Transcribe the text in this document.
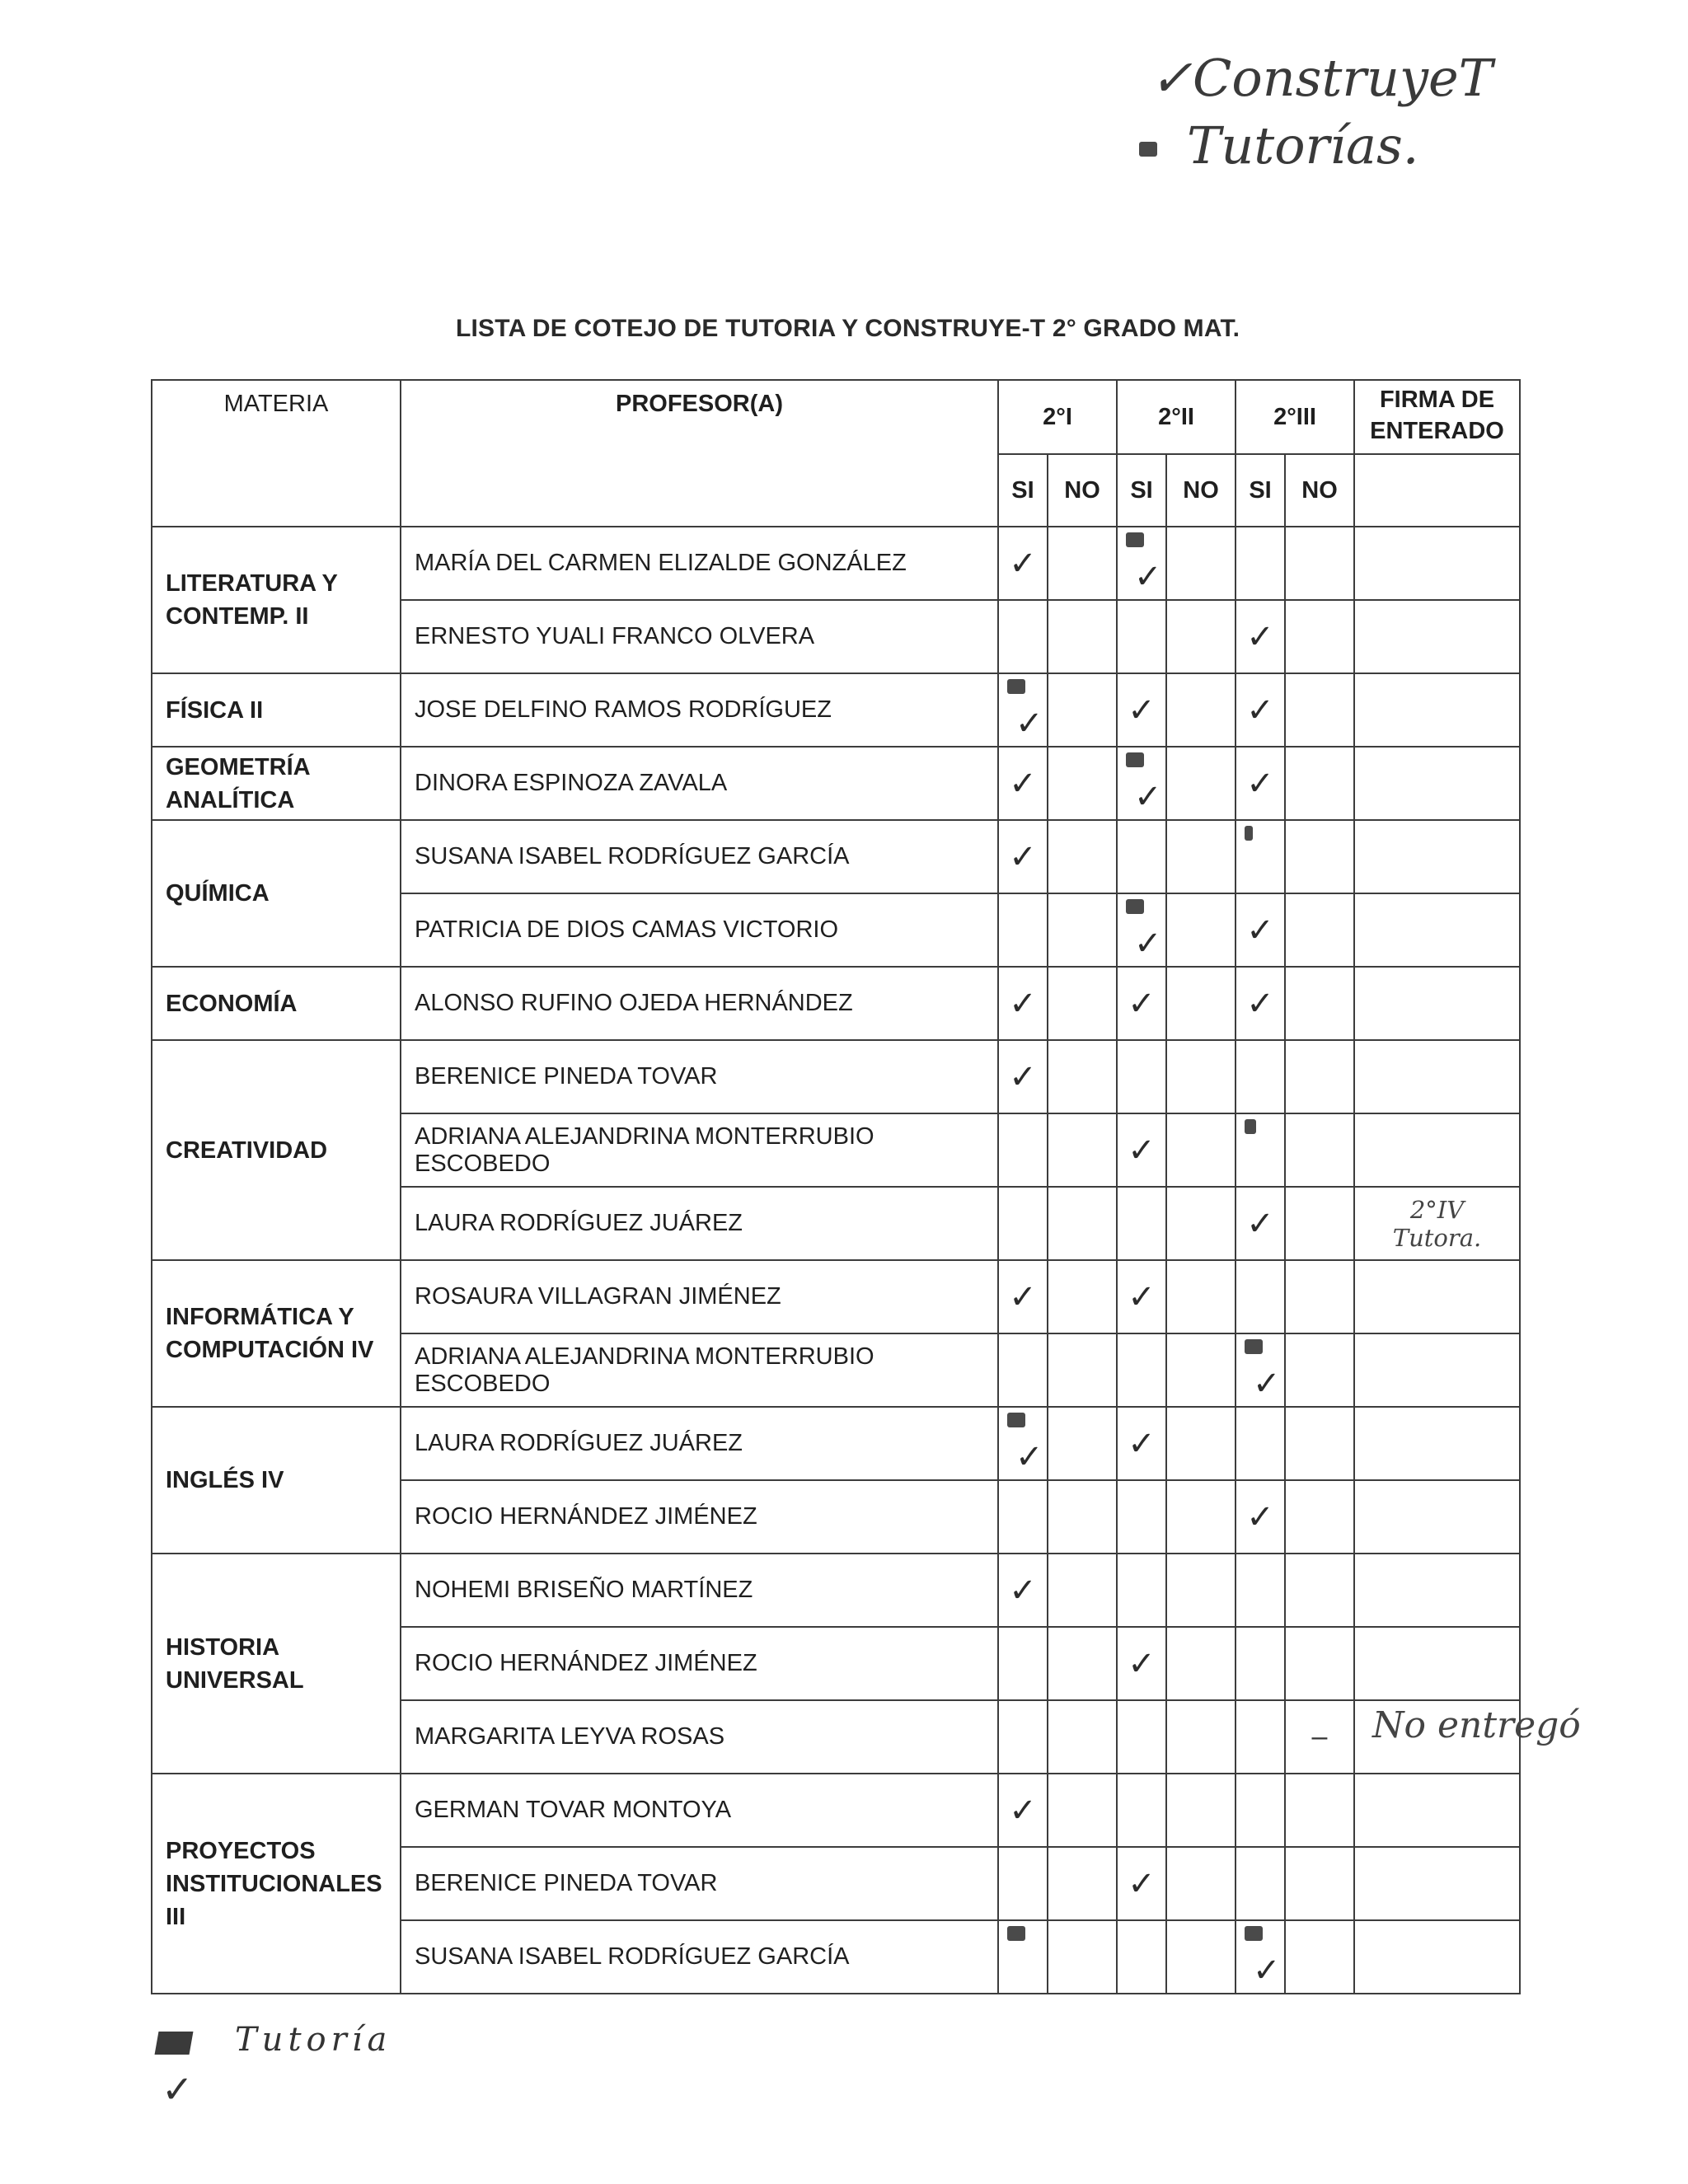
✓ConstruyeT
Tutorías.
LISTA DE COTEJO DE TUTORIA Y CONSTRUYE-T 2° GRADO MAT.
MATERIA	PROFESOR(A)	2°I		2°II		2°III		FIRMA DE ENTERADO
		SI	NO	SI	NO	SI	NO	
LITERATURA Y CONTEMP. II	MARÍA DEL CARMEN ELIZALDE GONZÁLEZ	✓		✓				

	ERNESTO YUALI FRANCO OLVERA					✓		
FÍSICA II	JOSE DELFINO RAMOS RODRÍGUEZ	✓		✓		✓		
GEOMETRÍA ANALÍTICA	DINORA ESPINOZA ZAVALA	✓		✓		✓		
QUÍMICA	SUSANA ISABEL RODRÍGUEZ GARCÍA	✓				

	PATRICIA DE DIOS CAMAS VICTORIO			✓		✓		
ECONOMÍA	ALONSO RUFINO OJEDA HERNÁNDEZ	✓		✓		✓		
CREATIVIDAD	BERENICE PINEDA TOVAR	✓						
	ADRIANA ALEJANDRINA MONTERRUBIO ESCOBEDO			✓		

	LAURA RODRÍGUEZ JUÁREZ					✓		2°IV
Tutora.

INFORMÁTICA Y COMPUTACIÓN IV	ROSAURA VILLAGRAN JIMÉNEZ	✓		✓				
	ADRIANA ALEJANDRINA MONTERRUBIO ESCOBEDO					✓		

INGLÉS IV	LAURA RODRÍGUEZ JUÁREZ	✓		✓				
	ROCIO HERNÁNDEZ JIMÉNEZ					✓		
HISTORIA UNIVERSAL	NOHEMI BRISEÑO MARTÍNEZ	✓						
	ROCIO HERNÁNDEZ JIMÉNEZ			✓				
	MARGARITA LEYVA ROSAS						–	
PROYECTOS INSTITUCIONALES III	GERMAN TOVAR MONTOYA	✓						
	BERENICE PINEDA TOVAR			✓				
	SUSANA ISABEL RODRÍGUEZ GARCÍA					✓		

No entregó
Tutoría
✓
